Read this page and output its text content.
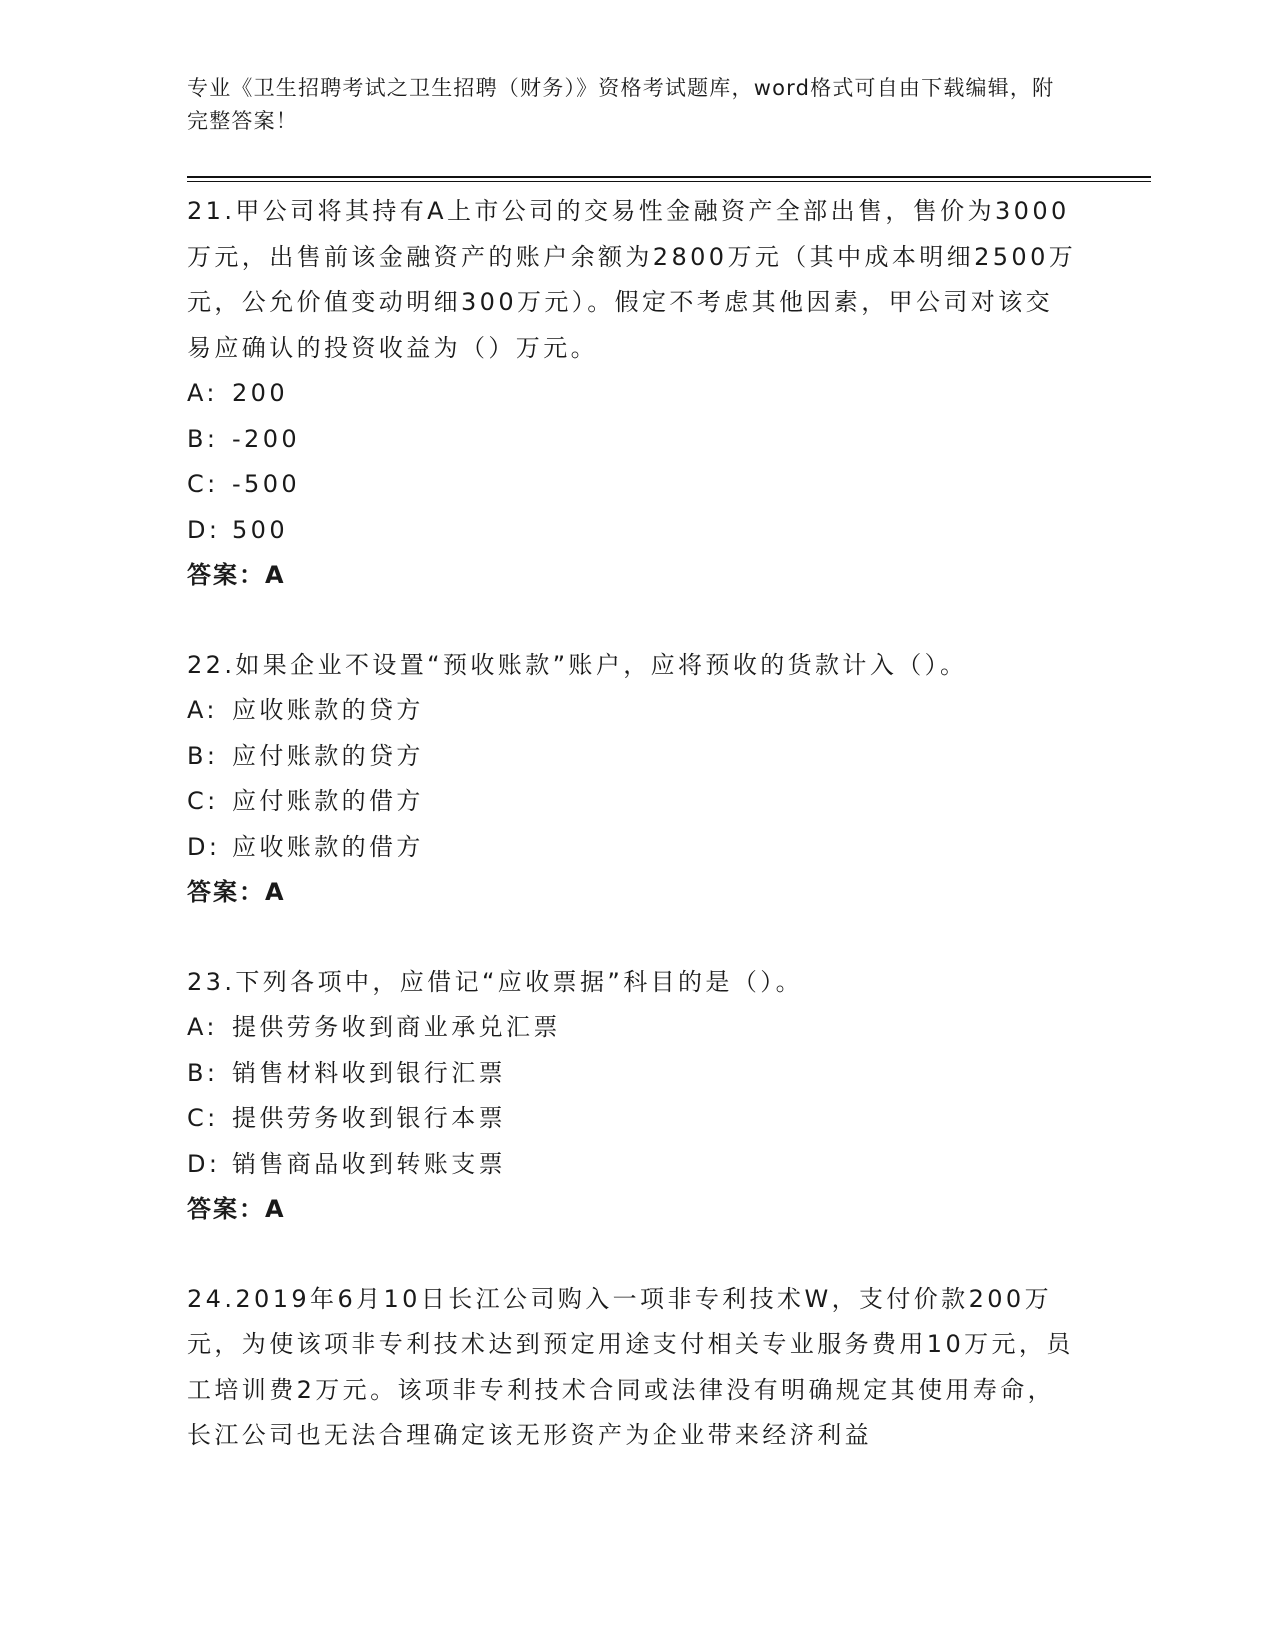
专业《卫生招聘考试之卫生招聘（财务）》资格考试题库，word格式可自由下载编辑，附完整答案！

21.甲公司将其持有A上市公司的交易性金融资产全部出售，售价为3000万元，出售前该金融资产的账户余额为2800万元（其中成本明细2500万元，公允价值变动明细300万元）。假定不考虑其他因素，甲公司对该交易应确认的投资收益为（）万元。

A: 200
B: -200
C: -500
D: 500
答案：A

22.如果企业不设置“预收账款”账户，应将预收的货款计入（）。

A: 应收账款的贷方
B: 应付账款的贷方
C: 应付账款的借方
D: 应收账款的借方
答案：A

23.下列各项中，应借记“应收票据”科目的是（）。

A: 提供劳务收到商业承兑汇票
B: 销售材料收到银行汇票
C: 提供劳务收到银行本票
D: 销售商品收到转账支票
答案：A

24.2019年6月10日长江公司购入一项非专利技术W，支付价款200万元，为使该项非专利技术达到预定用途支付相关专业服务费用10万元，员工培训费2万元。该项非专利技术合同或法律没有明确规定其使用寿命，长江公司也无法合理确定该无形资产为企业带来经济利益
